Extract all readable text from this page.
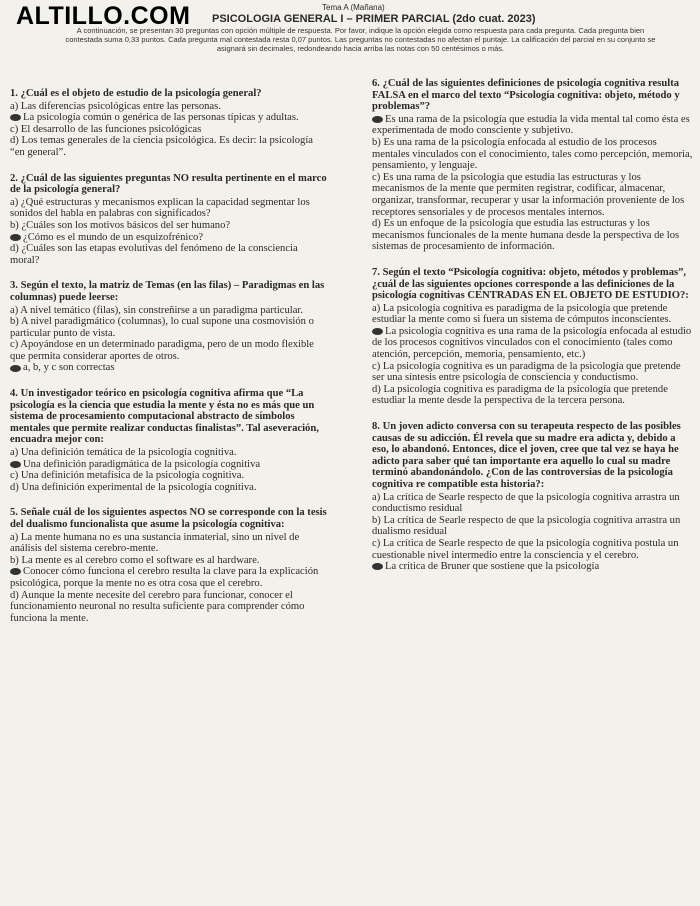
ALTILLO.COM	Tema A (Mañana)
PSICOLOGIA GENERAL I – PRIMER PARCIAL (2do cuat. 2023)
A continuación, se presentan 30 preguntas con opción múltiple de respuesta. Por favor, indique la opción elegida como respuesta para cada pregunta. Cada pregunta bien contestada suma 0,33 puntos. Cada pregunta mal contestada resta 0,07 puntos. Las preguntas no contestadas no afectan el puntaje. La calificación del parcial en su conjunto se asignará sin decimales, redondeando hacia arriba las notas con 50 centésimos o más.
1. ¿Cuál es el objeto de estudio de la psicología general?
a) Las diferencias psicológicas entre las personas.
La psicología común o genérica de las personas típicas y adultas.
c) El desarrollo de las funciones psicológicas
d) Los temas generales de la ciencia psicológica. Es decir: la psicología “en general”.
2. ¿Cuál de las siguientes preguntas NO resulta pertinente en el marco de la psicología general?
a) ¿Qué estructuras y mecanismos explican la capacidad segmentar los sonidos del habla en palabras con significados?
b) ¿Cuáles son los motivos básicos del ser humano?
¿Cómo es el mundo de un esquizofrénico?
d) ¿Cuáles son las etapas evolutivas del fenómeno de la consciencia moral?
3. Según el texto, la matriz de Temas (en las filas) – Paradigmas en las columnas) puede leerse:
a) A nivel temático (filas), sin constreñirse a un paradigma particular.
b) A nivel paradigmático (columnas), lo cual supone una cosmovisión o particular punto de vista.
c) Apoyándose en un determinado paradigma, pero de un modo flexible que permita considerar aportes de otros.
a, b, y c son correctas
4. Un investigador teórico en psicología cognitiva afirma que “La psicología es la ciencia que estudia la mente y ésta no es más que un sistema de procesamiento computacional abstracto de símbolos mentales que permite realizar conductas finalistas”. Tal aseveración, encuadra mejor con:
a) Una definición temática de la psicología cognitiva.
Una definición paradigmática de la psicología cognitiva
c) Una definición metafísica de la psicología cognitiva.
d) Una definición experimental de la psicología cognitiva.
5. Señale cuál de los siguientes aspectos NO se corresponde con la tesis del dualismo funcionalista que asume la psicología cognitiva:
a) La mente humana no es una sustancia inmaterial, sino un nivel de análisis del sistema cerebro-mente.
b) La mente es al cerebro como el software es al hardware.
Conocer cómo funciona el cerebro resulta la clave para la explicación psicológica, porque la mente no es otra cosa que el cerebro.
d) Aunque la mente necesite del cerebro para funcionar, conocer el funcionamiento neuronal no resulta suficiente para comprender cómo funciona la mente.
6. ¿Cuál de las siguientes definiciones de psicología cognitiva resulta FALSA en el marco del texto “Psicología cognitiva: objeto, método y problemas”?
Es una rama de la psicología que estudia la vida mental tal como ésta es experimentada de modo consciente y subjetivo.
b) Es una rama de la psicología enfocada al estudio de los procesos mentales vinculados con el conocimiento, tales como percepción, memoria, pensamiento, y lenguaje.
c) Es una rama de la psicología que estudia las estructuras y los mecanismos de la mente que permiten registrar, codificar, almacenar, organizar, transformar, recuperar y usar la información proveniente de los receptores sensoriales y de procesos mentales internos.
d) Es un enfoque de la psicología que estudia las estructuras y los mecanismos funcionales de la mente humana desde la perspectiva de los sistemas de procesamiento de información.
7. Según el texto “Psicología cognitiva: objeto, métodos y problemas”, ¿cuál de las siguientes opciones corresponde a las definiciones de la psicología cognitivas CENTRADAS EN EL OBJETO DE ESTUDIO?:
a) La psicología cognitiva es paradigma de la psicología que pretende estudiar la mente como si fuera un sistema de cómputos inconscientes.
La psicología cognitiva es una rama de la psicología enfocada al estudio de los procesos cognitivos vinculados con el conocimiento (tales como atención, percepción, memoria, pensamiento, etc.)
c) La psicología cognitiva es un paradigma de la psicología que pretende ser una síntesis entre psicología de consciencia y conductismo.
d) La psicología cognitiva es paradigma de la psicología que pretende estudiar la mente desde la perspectiva de la tercera persona.
8. Un joven adicto conversa con su terapeuta respecto de las posibles causas de su adicción. Él revela que su madre era adicta y, debido a eso, lo abandonó. Entonces, dice el joven, cree que tal vez se haya he adicto para saber qué tan importante era aquello lo cual su madre terminó abandonándolo. ¿Con de las controversias de la psicología cognitiva re compatible esta historia?:
a) La crítica de Searle respecto de que la psicología cognitiva arrastra un conductismo residual
b) La crítica de Searle respecto de que la psicología cognitiva arrastra un dualismo residual
c) La crítica de Searle respecto de que la psicología cognitiva postula un cuestionable nivel intermedio entre la consciencia y el cerebro.
La crítica de Bruner que sostiene que la psicología
